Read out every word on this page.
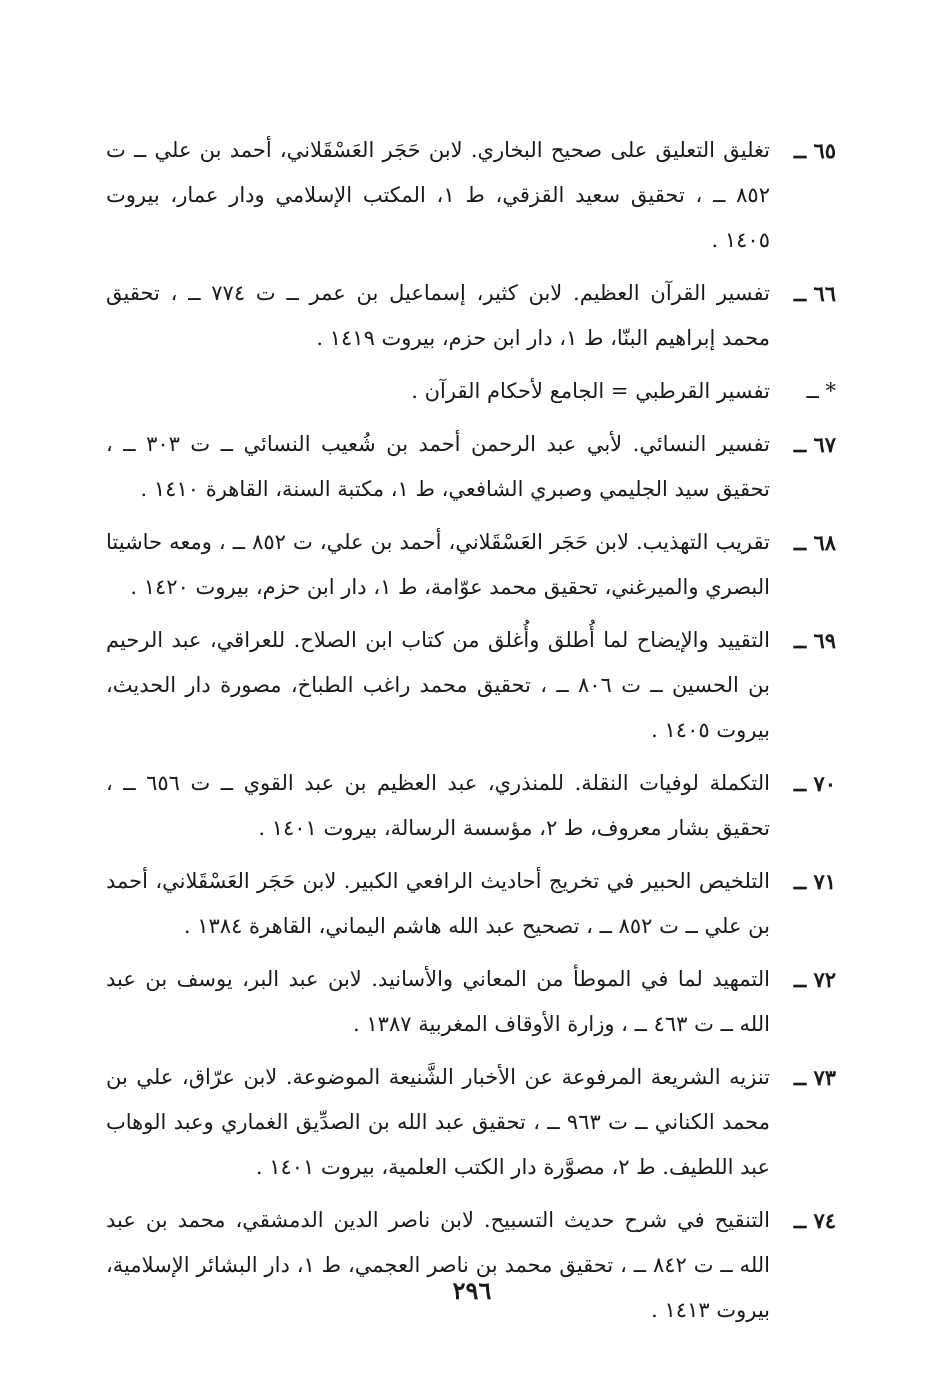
٦٥ ــ
تغليق التعليق على صحيح البخاري. لابن حَجَر العَسْقَلاني، أحمد بن علي ــ ت ٨٥٢ ــ ، تحقيق سعيد القزقي، ط ١، المكتب الإسلامي ودار عمار، بيروت ١٤٠٥ .
٦٦ ــ
تفسير القرآن العظيم. لابن كثير، إسماعيل بن عمر ــ ت ٧٧٤ ــ ، تحقيق محمد إبراهيم البنّا، ط ١، دار ابن حزم، بيروت ١٤١٩ .
* ــ
تفسير القرطبي = الجامع لأحكام القرآن .
٦٧ ــ
تفسير النسائي. لأبي عبد الرحمن أحمد بن شُعيب النسائي ــ ت ٣٠٣ ــ ، تحقيق سيد الجليمي وصبري الشافعي، ط ١، مكتبة السنة، القاهرة ١٤١٠ .
٦٨ ــ
تقريب التهذيب. لابن حَجَر العَسْقَلاني، أحمد بن علي، ت ٨٥٢ ــ ، ومعه حاشيتا البصري والميرغني، تحقيق محمد عوّامة، ط ١، دار ابن حزم، بيروت ١٤٢٠ .
٦٩ ــ
التقييد والإيضاح لما أُطلق وأُغلق من كتاب ابن الصلاح. للعراقي، عبد الرحيم بن الحسين ــ ت ٨٠٦ ــ ، تحقيق محمد راغب الطباخ، مصورة دار الحديث، بيروت ١٤٠٥ .
٧٠ ــ
التكملة لوفيات النقلة. للمنذري، عبد العظيم بن عبد القوي ــ ت ٦٥٦ ــ ، تحقيق بشار معروف، ط ٢، مؤسسة الرسالة، بيروت ١٤٠١ .
٧١ ــ
التلخيص الحبير في تخريج أحاديث الرافعي الكبير. لابن حَجَر العَسْقَلاني، أحمد بن علي ــ ت ٨٥٢ ــ ، تصحيح عبد الله هاشم اليماني، القاهرة ١٣٨٤ .
٧٢ ــ
التمهيد لما في الموطأ من المعاني والأسانيد. لابن عبد البر، يوسف بن عبد الله ــ ت ٤٦٣ ــ ، وزارة الأوقاف المغربية ١٣٨٧ .
٧٣ ــ
تنزيه الشريعة المرفوعة عن الأخبار الشَّنيعة الموضوعة. لابن عرّاق، علي بن محمد الكناني ــ ت ٩٦٣ ــ ، تحقيق عبد الله بن الصدِّيق الغماري وعبد الوهاب عبد اللطيف. ط ٢، مصوَّرة دار الكتب العلمية، بيروت ١٤٠١ .
٧٤ ــ
التنقيح في شرح حديث التسبيح. لابن ناصر الدين الدمشقي، محمد بن عبد الله ــ ت ٨٤٢ ــ ، تحقيق محمد بن ناصر العجمي، ط ١، دار البشائر الإسلامية، بيروت ١٤١٣ .
٢٩٦
